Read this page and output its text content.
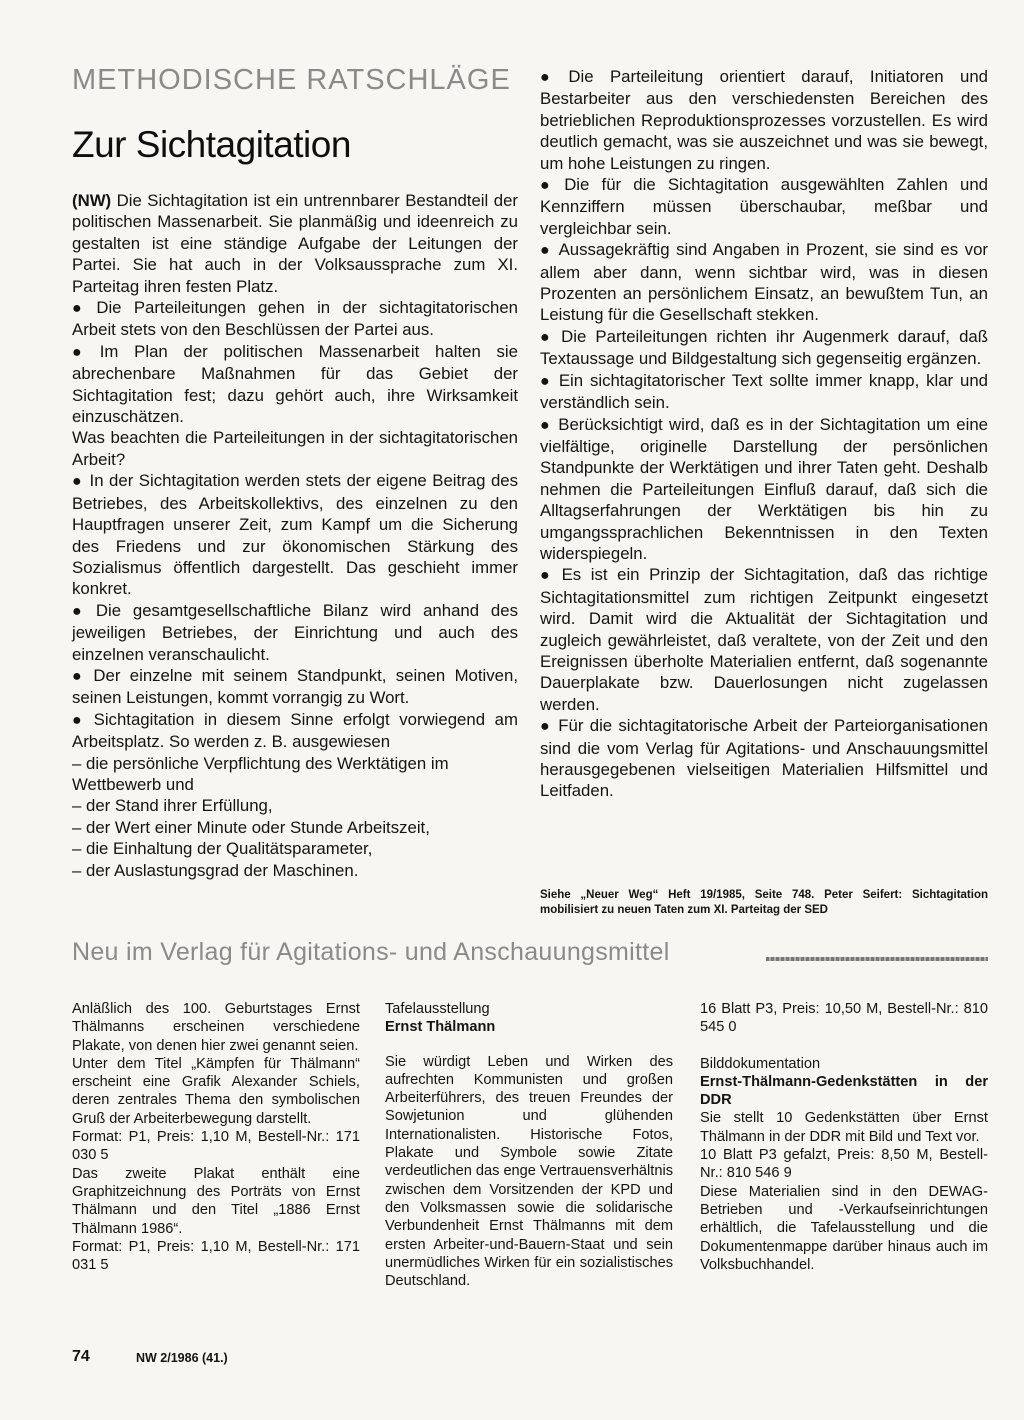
METHODISCHE RATSCHLÄGE
Zur Sichtagitation

(NW) Die Sichtagitation ist ein untrennbarer Bestandteil der politischen Massenarbeit. Sie planmäßig und ideenreich zu gestalten ist eine ständige Aufgabe der Leitungen der Partei. Sie hat auch in der Volksaussprache zum XI. Parteitag ihren festen Platz.

● Die Parteileitungen gehen in der sichtagitatorischen Arbeit stets von den Beschlüssen der Partei aus.

● Im Plan der politischen Massenarbeit halten sie abrechenbare Maßnahmen für das Gebiet der Sichtagitation fest; dazu gehört auch, ihre Wirksamkeit einzuschätzen.

Was beachten die Parteileitungen in der sichtagitatorischen Arbeit?

● In der Sichtagitation werden stets der eigene Beitrag des Betriebes, des Arbeitskollektivs, des einzelnen zu den Hauptfragen unserer Zeit, zum Kampf um die Sicherung des Friedens und zur ökonomischen Stärkung des Sozialismus öffentlich dargestellt. Das geschieht immer konkret.

● Die gesamtgesellschaftliche Bilanz wird anhand des jeweiligen Betriebes, der Einrichtung und auch des einzelnen veranschaulicht.

● Der einzelne mit seinem Standpunkt, seinen Motiven, seinen Leistungen, kommt vorrangig zu Wort.

● Sichtagitation in diesem Sinne erfolgt vorwiegend am Arbeitsplatz. So werden z. B. ausgewiesen

– die persönliche Verpflichtung des Werktätigen im Wettbewerb und
– der Stand ihrer Erfüllung,
– der Wert einer Minute oder Stunde Arbeitszeit,
– die Einhaltung der Qualitätsparameter,
– der Auslastungsgrad der Maschinen.

● Die Parteileitung orientiert darauf, Initiatoren und Bestarbeiter aus den verschiedensten Bereichen des betrieblichen Reproduktionsprozesses vorzustellen. Es wird deutlich gemacht, was sie auszeichnet und was sie bewegt, um hohe Leistungen zu ringen.

● Die für die Sichtagitation ausgewählten Zahlen und Kennziffern müssen überschaubar, meßbar und vergleichbar sein.

● Aussagekräftig sind Angaben in Prozent, sie sind es vor allem aber dann, wenn sichtbar wird, was in diesen Prozenten an persönlichem Einsatz, an bewußtem Tun, an Leistung für die Gesellschaft stekken.

● Die Parteileitungen richten ihr Augenmerk darauf, daß Textaussage und Bildgestaltung sich gegenseitig ergänzen.

● Ein sichtagitatorischer Text sollte immer knapp, klar und verständlich sein.

● Berücksichtigt wird, daß es in der Sichtagitation um eine vielfältige, originelle Darstellung der persönlichen Standpunkte der Werktätigen und ihrer Taten geht. Deshalb nehmen die Parteileitungen Einfluß darauf, daß sich die Alltagserfahrungen der Werktätigen bis hin zu umgangssprachlichen Bekenntnissen in den Texten widerspiegeln.

● Es ist ein Prinzip der Sichtagitation, daß das richtige Sichtagitationsmittel zum richtigen Zeitpunkt eingesetzt wird. Damit wird die Aktualität der Sichtagitation und zugleich gewährleistet, daß veraltete, von der Zeit und den Ereignissen überholte Materialien entfernt, daß sogenannte Dauerplakate bzw. Dauerlosungen nicht zugelassen werden.

● Für die sichtagitatorische Arbeit der Parteiorganisationen sind die vom Verlag für Agitations- und Anschauungsmittel herausgegebenen vielseitigen Materialien Hilfsmittel und Leitfaden.

Siehe „Neuer Weg“ Heft 19/1985, Seite 748. Peter Seifert: Sichtagitation mobilisiert zu neuen Taten zum XI. Parteitag der SED

Neu im Verlag für Agitations- und Anschauungsmittel

Anläßlich des 100. Geburtstages Ernst Thälmanns erscheinen verschiedene Plakate, von denen hier zwei genannt seien.

Unter dem Titel „Kämpfen für Thälmann“ erscheint eine Grafik Alexander Schiels, deren zentrales Thema den symbolischen Gruß der Arbeiterbewegung darstellt.

Format: P1, Preis: 1,10 M, Bestell-Nr.: 171 030 5

Das zweite Plakat enthält eine Graphitzeichnung des Porträts von Ernst Thälmann und den Titel „1886 Ernst Thälmann 1986“.

Format: P1, Preis: 1,10 M, Bestell-Nr.: 171 031 5

Tafelausstellung

Ernst Thälmann

Sie würdigt Leben und Wirken des aufrechten Kommunisten und großen Arbeiterführers, des treuen Freundes der Sowjetunion und glühenden Internationalisten. Historische Fotos, Plakate und Symbole sowie Zitate verdeutlichen das enge Vertrauensverhältnis zwischen dem Vorsitzenden der KPD und den Volksmassen sowie die solidarische Verbundenheit Ernst Thälmanns mit dem ersten Arbeiter-und-Bauern-Staat und sein unermüdliches Wirken für ein sozialistisches Deutschland.

16 Blatt P3, Preis: 10,50 M, Bestell-Nr.: 810 545 0

Bilddokumentation

Ernst-Thälmann-Gedenkstätten in der DDR

Sie stellt 10 Gedenkstätten über Ernst Thälmann in der DDR mit Bild und Text vor.

10 Blatt P3 gefalzt, Preis: 8,50 M, Bestell-Nr.: 810 546 9

Diese Materialien sind in den DEWAG-Betrieben und -Verkaufseinrichtungen erhältlich, die Tafelausstellung und die Dokumentenmappe darüber hinaus auch im Volksbuchhandel.

74	NW 2/1986 (41.)
